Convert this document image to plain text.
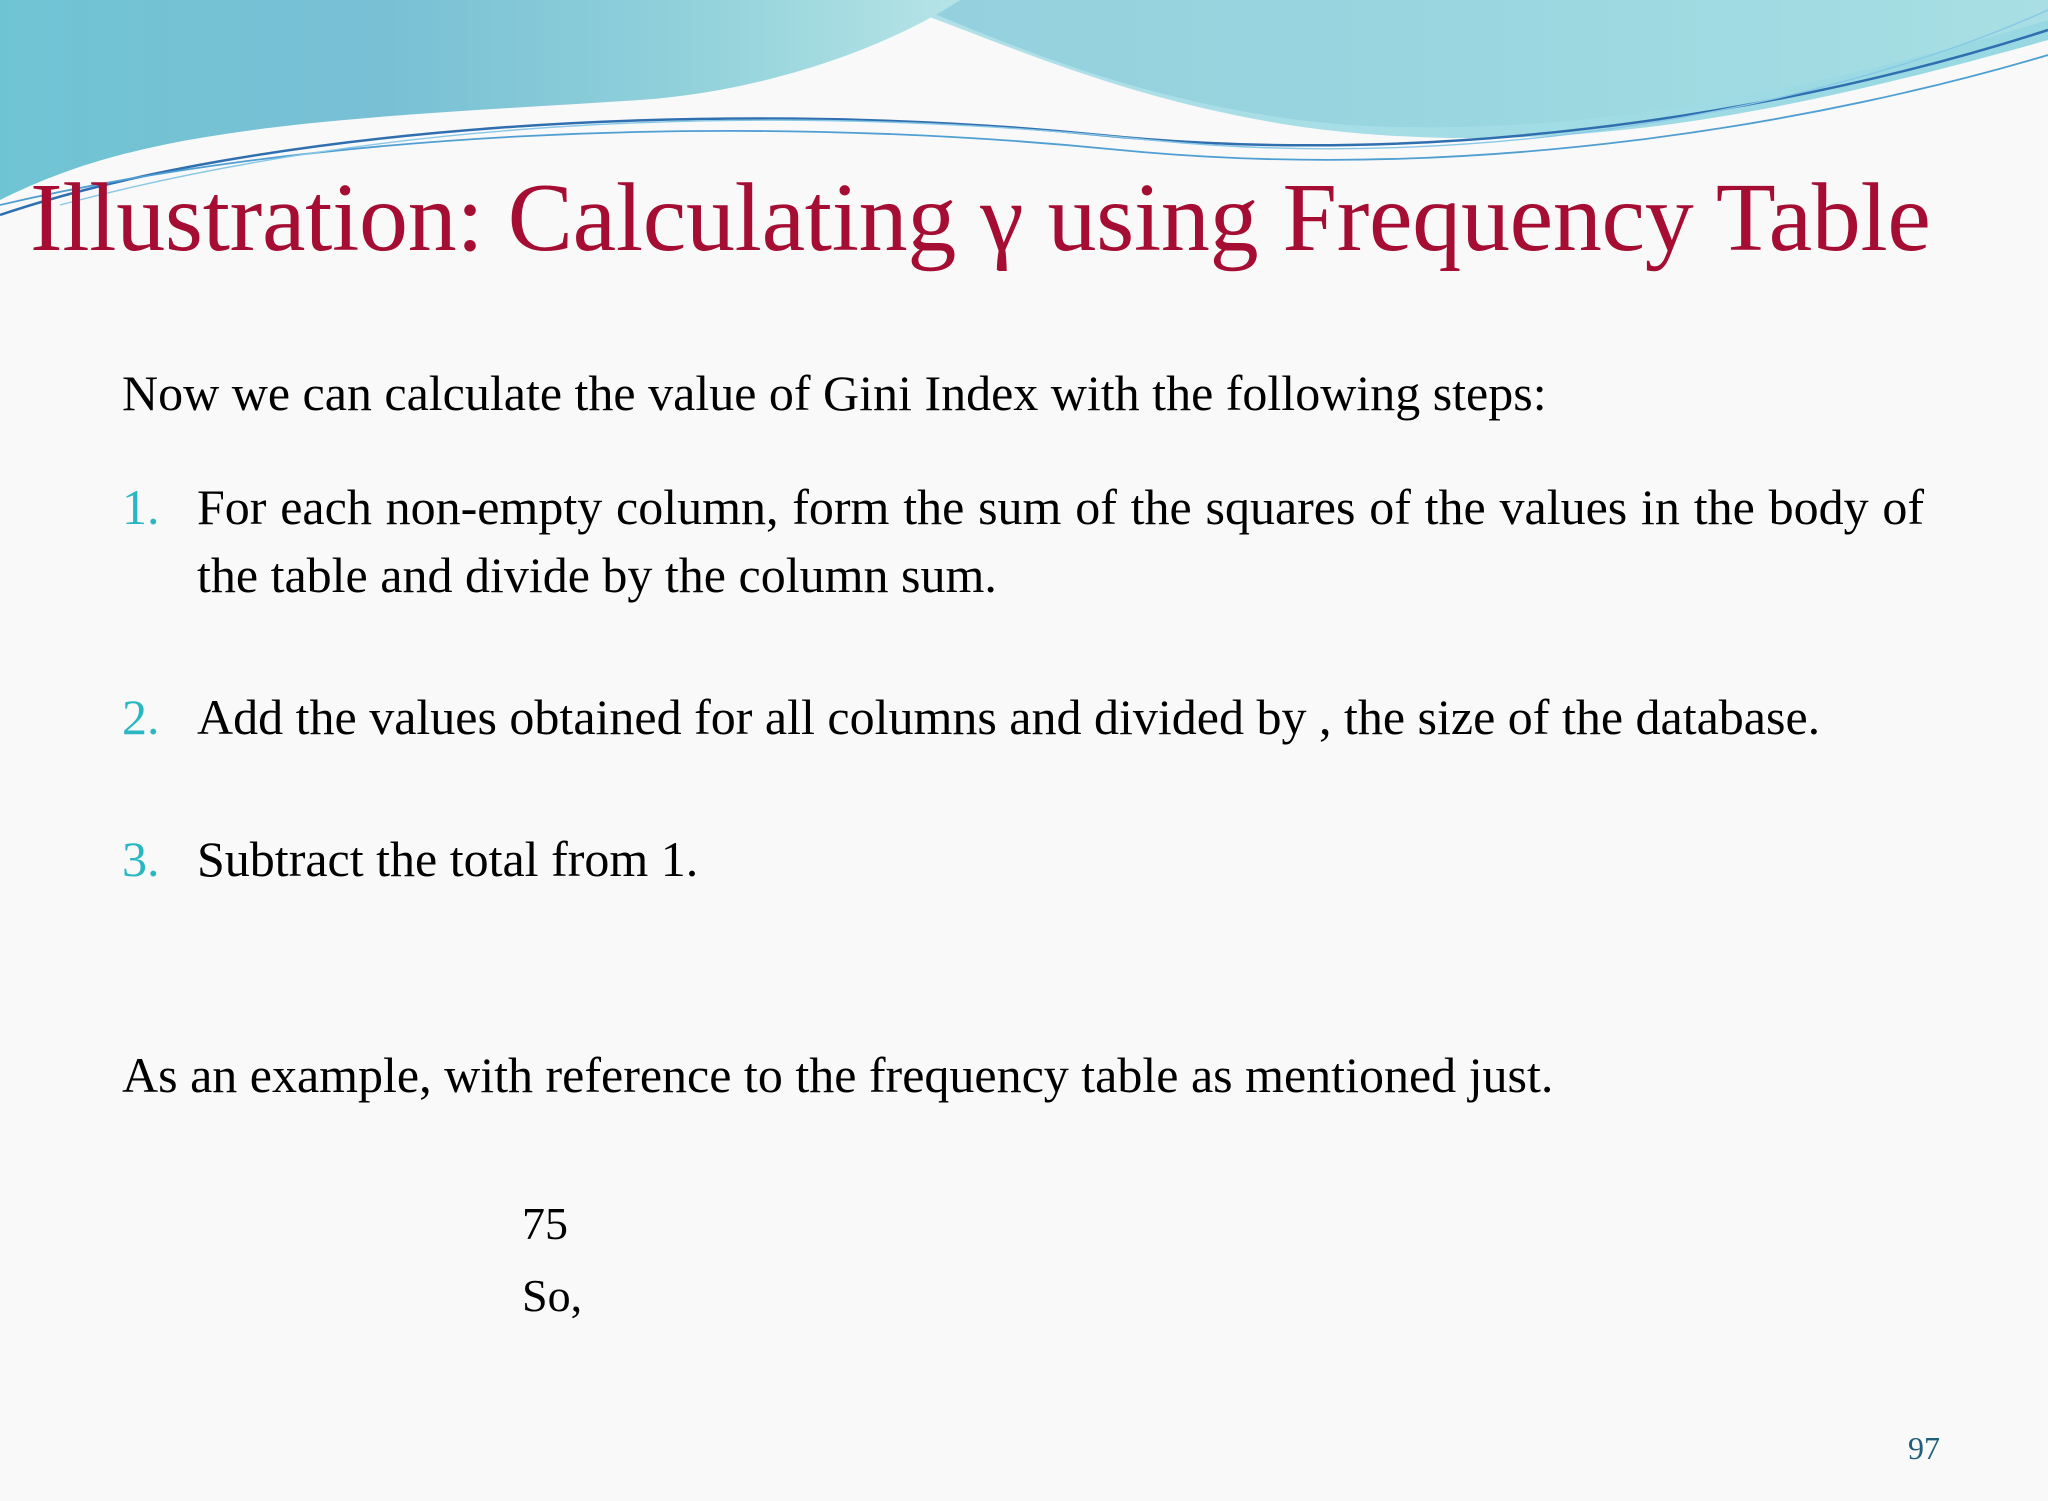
Illustration: Calculating γ using Frequency Table

Now we can calculate the value of Gini Index with the following steps:

1. For each non-empty column, form the sum of the squares of the values in the body of the table and divide by the column sum.
2. Add the values obtained for all columns and divided by , the size of the database.
3. Subtract the total from 1.

As an example, with reference to the frequency table as mentioned just.

75

So,

97
